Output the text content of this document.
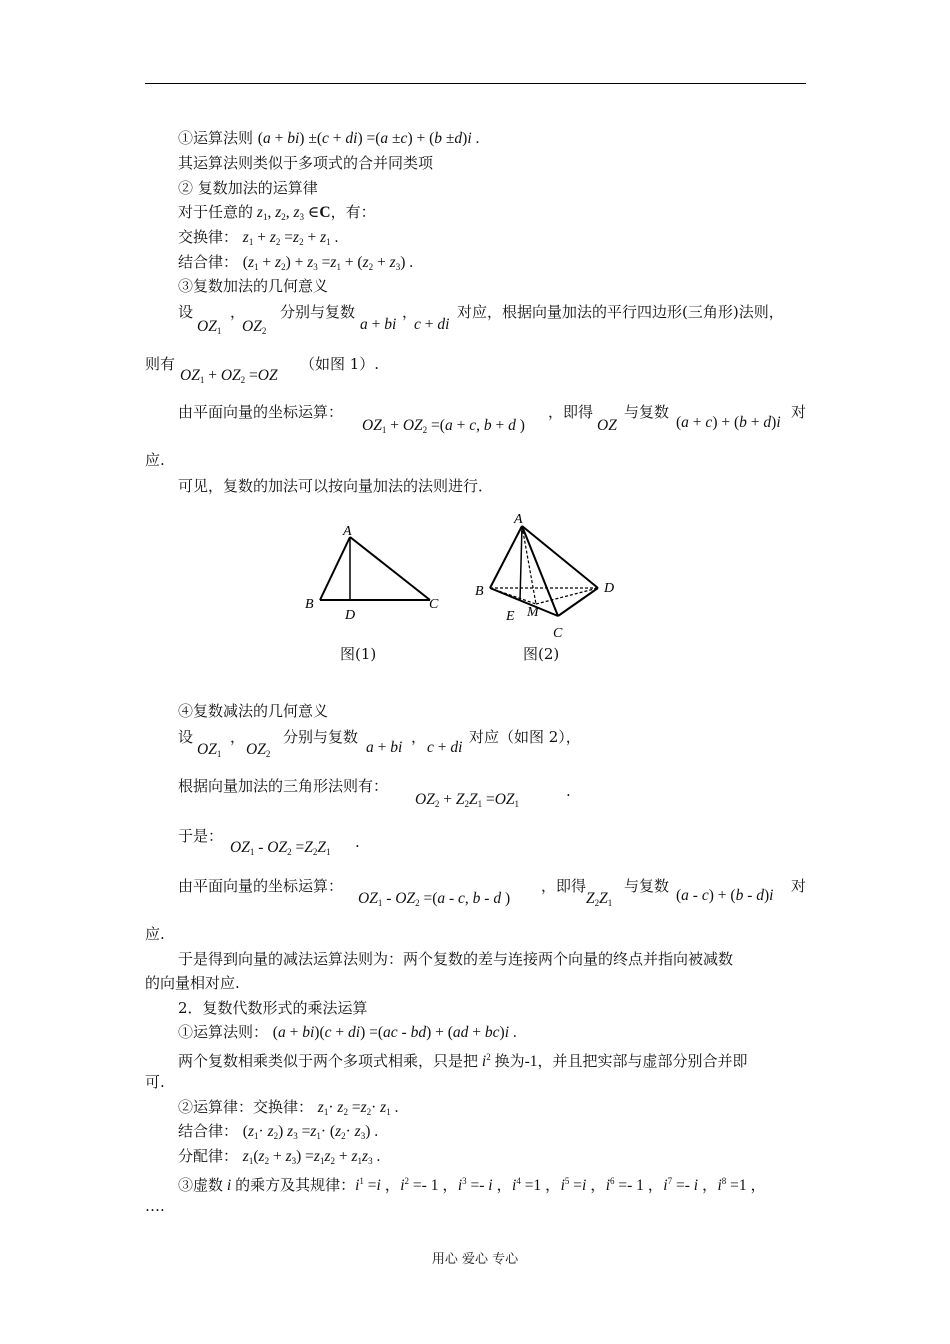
①运算法则 (a + bi) ±(c + di) =(a ±c) + (b ±d)i .
其运算法则类似于多项式的合并同类项
② 复数加法的运算律
对于任意的 $z_1$, $z_2$, $z_3$ ∈C，有：
交换律： $z_1 + z_2 =z_2 + z_1$ .
结合律： $(z_1 + z_2) + z_3 =z_1 + (z_2 + z_3)$ .
③复数加法的几何意义
设
$OZ_1$
，
$OZ_2$
分别与复数
a + bi
，
c + di
对应，根据向量加法的平行四边形(三角形)法则，
则有
$OZ_1 + OZ_2 =OZ$
（如图 1）.
由平面向量的坐标运算：
$OZ_1 + OZ_2 =(a + c$, b + d )
，即得
OZ
与复数
(a + c) + (b + d)i
对
应.
可见，复数的加法可以按向量加法的法则进行．
A
B
D
C
图(1)
A
B	D
E M
C
图(2)
④复数减法的几何意义
设
$OZ_1$
，
$OZ_2$
分别与复数
a + bi
，
c + di
对应（如图 2），
根据向量加法的三角形法则有：
$OZ_2 + Z_2Z_1 =OZ_1$
.
于是：
$OZ_1 - OZ_2 =Z_2Z_1$
.
由平面向量的坐标运算：
$OZ_1 - OZ_2 =(a - c$, b - d )
，即得
$Z_2Z_1$
与复数
(a - c) + (b - d)i
对
应.
于是得到向量的减法运算法则为：两个复数的差与连接两个向量的终点并指向被减数
的向量相对应.
2．复数代数形式的乘法运算
①运算法则： (a + bi)(c + di) =(ac - bd) + (ad + bc)i .
两个复数相乘类似于两个多项式相乘，只是把 $i^2$ 换为-1，并且把实部与虚部分别合并即
可.
②运算律：交换律： $z_1\cdot z_2 =z_2\cdot z_1$ .
结合律： $(z_1\cdot z_2)$ $z_3 =z_1\cdot (z_2\cdot z_3)$ .
分配律： $z_1(z_2 + z_3) =z_1z_2 + z_1z_3$ .
③虚数 i 的乘方及其规律：$i^1 =i$ ，$i^2 =- 1$ ，$i^3 =- i$ ，$i^4 =1$ ，$i^5 =i$ ，$i^6 =- 1$ ，$i^7 =- i$ ，$i^8 =1$ ，
….
用心 爱心 专心
